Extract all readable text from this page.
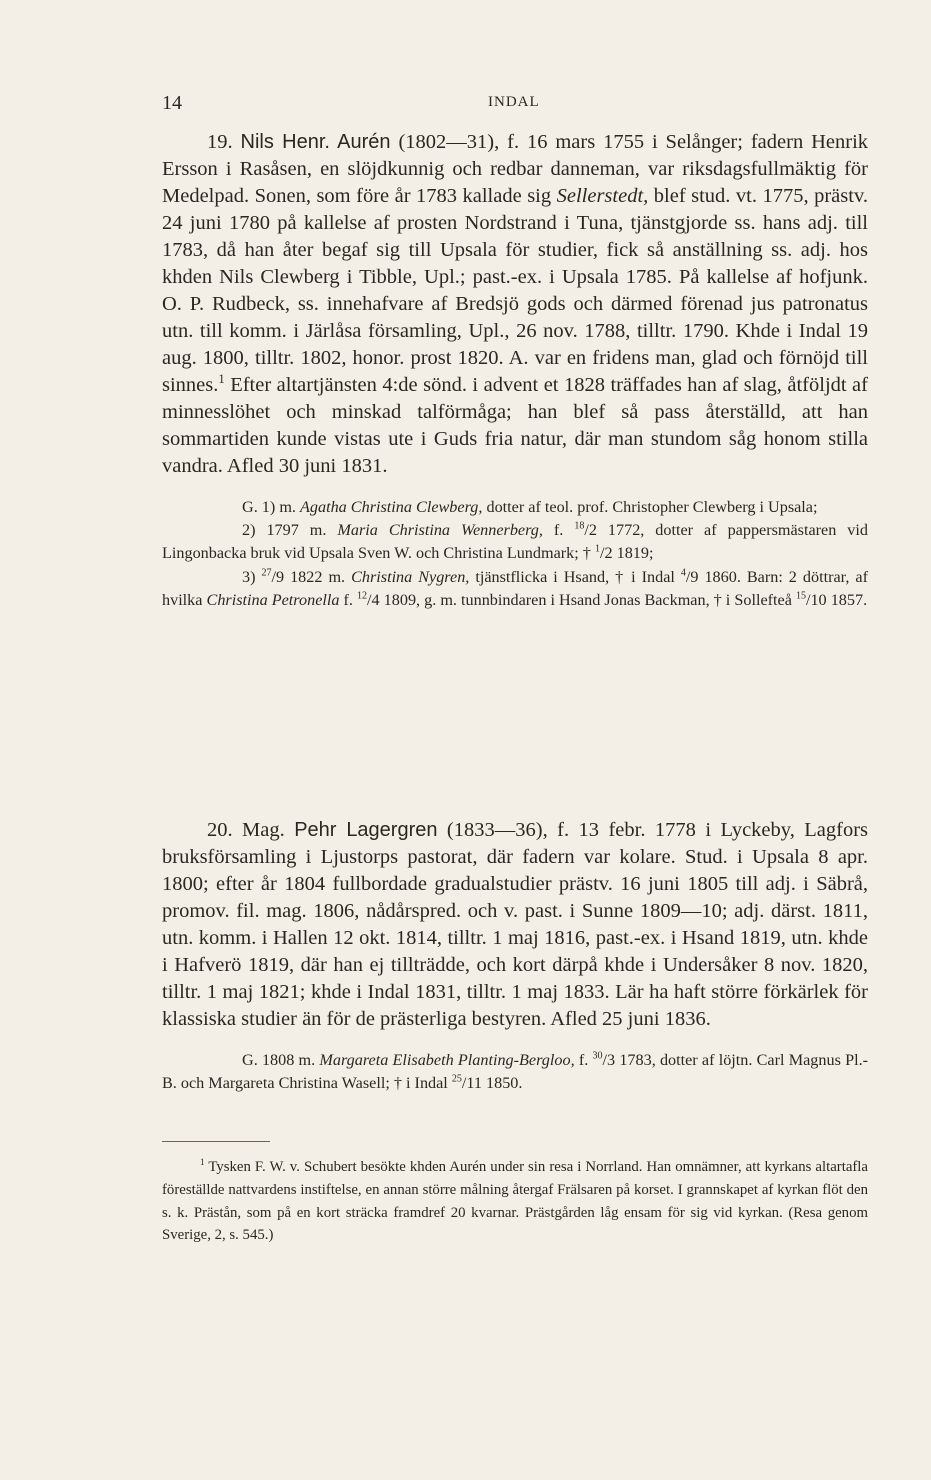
14	INDAL

19. Nils Henr. Aurén (1802—31), f. 16 mars 1755 i Selånger; fadern Henrik Ersson i Rasåsen, en slöjdkunnig och redbar danneman, var riksdagsfullmäktig för Medelpad. Sonen, som före år 1783 kallade sig Sellerstedt, blef stud. vt. 1775, prästv. 24 juni 1780 på kallelse af prosten Nordstrand i Tuna, tjänstgjorde ss. hans adj. till 1783, då han åter begaf sig till Upsala för studier, fick så anställning ss. adj. hos khden Nils Clewberg i Tibble, Upl.; past.-ex. i Upsala 1785. På kallelse af hofjunk. O. P. Rudbeck, ss. innehafvare af Bredsjö gods och därmed förenad jus patronatus utn. till komm. i Järlåsa församling, Upl., 26 nov. 1788, tilltr. 1790. Khde i Indal 19 aug. 1800, tilltr. 1802, honor. prost 1820. A. var en fridens man, glad och förnöjd till sinnes.$^1$ Efter altartjänsten 4:de sönd. i advent et 1828 träffades han af slag, åtföljdt af minnesslöhet och minskad talförmåga; han blef så pass återställd, att han sommartiden kunde vistas ute i Guds fria natur, där man stundom såg honom stilla vandra. Afled 30 juni 1831.

G. 1) m. Agatha Christina Clewberg, dotter af teol. prof. Christopher Clewberg i Upsala;

2) 1797 m. Maria Christina Wennerberg, f. $^{18}$/2 1772, dotter af pappersmästaren vid Lingonbacka bruk vid Upsala Sven W. och Christina Lundmark; † $^1$/2 1819;

3) $^{27}$/9 1822 m. Christina Nygren, tjänstflicka i Hsand, † i Indal $^4$/9 1860. Barn: 2 döttrar, af hvilka Christina Petronella f. $^{12}$/4 1809, g. m. tunnbindaren i Hsand Jonas Backman, † i Sollefteå $^{15}$/10 1857.

20. Mag. Pehr Lagergren (1833—36), f. 13 febr. 1778 i Lyckeby, Lagfors bruksförsamling i Ljustorps pastorat, där fadern var kolare. Stud. i Upsala 8 apr. 1800; efter år 1804 fullbordade gradualstudier prästv. 16 juni 1805 till adj. i Säbrå, promov. fil. mag. 1806, nådårspred. och v. past. i Sunne 1809—10; adj. därst. 1811, utn. komm. i Hallen 12 okt. 1814, tilltr. 1 maj 1816, past.-ex. i Hsand 1819, utn. khde i Hafverö 1819, där han ej tillträdde, och kort därpå khde i Undersåker 8 nov. 1820, tilltr. 1 maj 1821; khde i Indal 1831, tilltr. 1 maj 1833. Lär ha haft större förkärlek för klassiska studier än för de prästerliga bestyren. Afled 25 juni 1836.

G. 1808 m. Margareta Elisabeth Planting-Bergloo, f. $^{30}$/3 1783, dotter af löjtn. Carl Magnus Pl.-B. och Margareta Christina Wasell; † i Indal $^{25}$/11 1850.

$^1$ Tysken F. W. v. Schubert besökte khden Aurén under sin resa i Norrland. Han omnämner, att kyrkans altartafla föreställde nattvardens instiftelse, en annan större målning återgaf Frälsaren på korset. I grannskapet af kyrkan flöt den s. k. Prästån, som på en kort sträcka framdref 20 kvarnar. Prästgården låg ensam för sig vid kyrkan. (Resa genom Sverige, 2, s. 545.)
